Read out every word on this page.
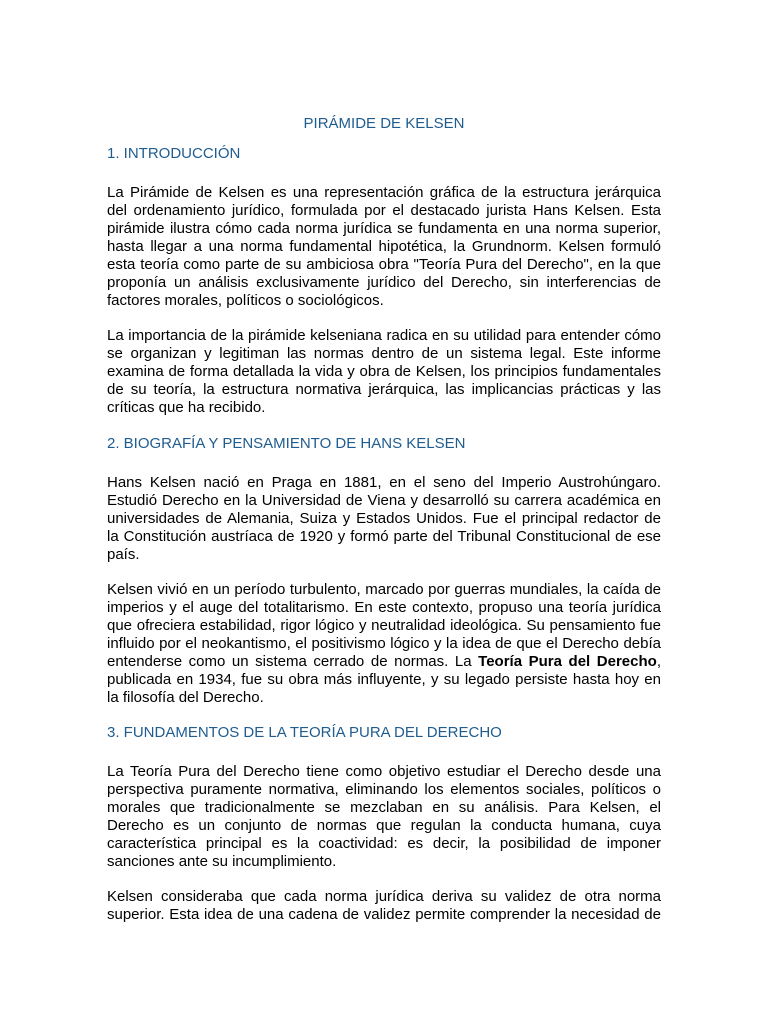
PIRÁMIDE DE KELSEN
1. INTRODUCCIÓN

La Pirámide de Kelsen es una representación gráfica de la estructura jerárquica
del ordenamiento jurídico, formulada por el destacado jurista Hans Kelsen. Esta
pirámide ilustra cómo cada norma jurídica se fundamenta en una norma superior,
hasta llegar a una norma fundamental hipotética, la Grundnorm. Kelsen formuló
esta teoría como parte de su ambiciosa obra "Teoría Pura del Derecho", en la que
proponía un análisis exclusivamente jurídico del Derecho, sin interferencias de
factores morales, políticos o sociológicos.

La importancia de la pirámide kelseniana radica en su utilidad para entender cómo
se organizan y legitiman las normas dentro de un sistema legal. Este informe
examina de forma detallada la vida y obra de Kelsen, los principios fundamentales
de su teoría, la estructura normativa jerárquica, las implicancias prácticas y las
críticas que ha recibido.

2. BIOGRAFÍA Y PENSAMIENTO DE HANS KELSEN

Hans Kelsen nació en Praga en 1881, en el seno del Imperio Austrohúngaro.
Estudió Derecho en la Universidad de Viena y desarrolló su carrera académica en
universidades de Alemania, Suiza y Estados Unidos. Fue el principal redactor de
la Constitución austríaca de 1920 y formó parte del Tribunal Constitucional de ese
país.

Kelsen vivió en un período turbulento, marcado por guerras mundiales, la caída de
imperios y el auge del totalitarismo. En este contexto, propuso una teoría jurídica
que ofreciera estabilidad, rigor lógico y neutralidad ideológica. Su pensamiento fue
influido por el neokantismo, el positivismo lógico y la idea de que el Derecho debía
entenderse como un sistema cerrado de normas. La Teoría Pura del Derecho,
publicada en 1934, fue su obra más influyente, y su legado persiste hasta hoy en
la filosofía del Derecho.

3. FUNDAMENTOS DE LA TEORÍA PURA DEL DERECHO

La Teoría Pura del Derecho tiene como objetivo estudiar el Derecho desde una
perspectiva puramente normativa, eliminando los elementos sociales, políticos o
morales que tradicionalmente se mezclaban en su análisis. Para Kelsen, el
Derecho es un conjunto de normas que regulan la conducta humana, cuya
característica principal es la coactividad: es decir, la posibilidad de imponer
sanciones ante su incumplimiento.

Kelsen consideraba que cada norma jurídica deriva su validez de otra norma
superior. Esta idea de una cadena de validez permite comprender la necesidad de
